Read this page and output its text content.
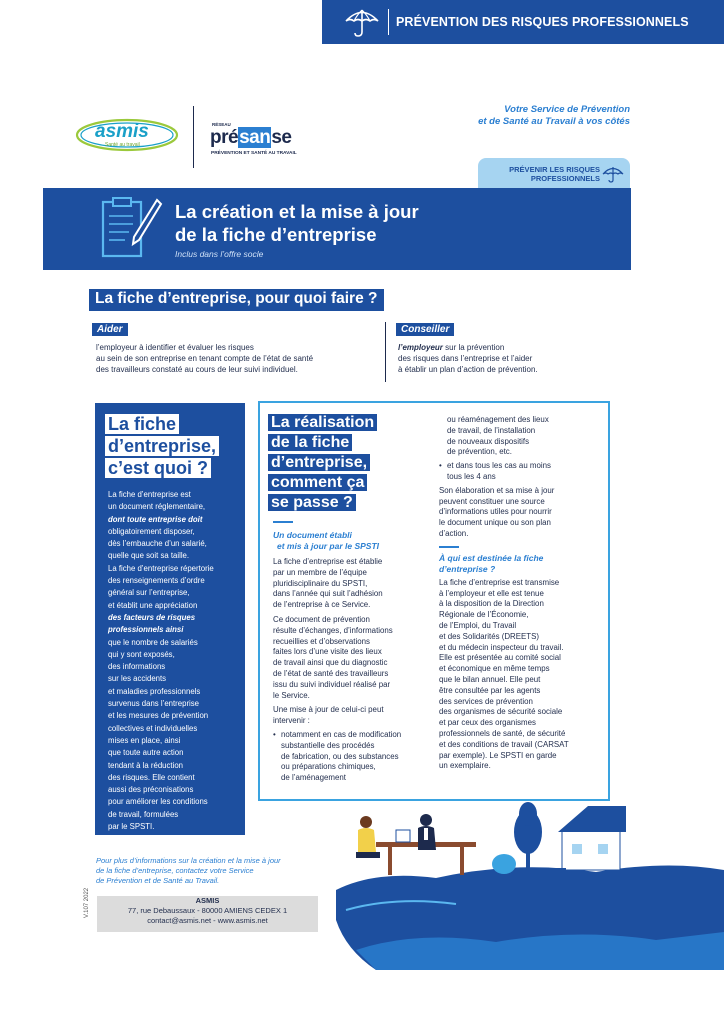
PRÉVENTION DES RISQUES PROFESSIONNELS
asmis
Santé au travail
RÉSEAU
présanse
PRÉVENTION ET SANTÉ AU TRAVAIL
Votre Service de Prévention
et de Santé au Travail à vos côtés
PRÉVENIR LES RISQUES
PROFESSIONNELS
La création et la mise à jour
de la fiche d’entreprise
Inclus dans l’offre socle
La fiche d’entreprise, pour quoi faire ?
Aider
l’employeur à identifier et évaluer les risques
au sein de son entreprise en tenant compte de l’état de santé
des travailleurs constaté au cours de leur suivi individuel.
Conseiller
l’employeur sur la prévention
des risques dans l’entreprise et l’aider
à établir un plan d’action de prévention.
La fiche
d’entreprise,
c’est quoi ?
La fiche d’entreprise est
un document réglementaire,
dont toute entreprise doit
obligatoirement disposer,
dès l’embauche d’un salarié,
quelle que soit sa taille.
La fiche d’entreprise répertorie
des renseignements d’ordre
général sur l’entreprise,
et établit une appréciation
des facteurs de risques
professionnels ainsi
que le nombre de salariés
qui y sont exposés,
des informations
sur les accidents
et maladies professionnels
survenus dans l’entreprise
et les mesures de prévention
collectives et individuelles
mises en place, ainsi
que toute autre action
tendant à la réduction
des risques. Elle contient
aussi des préconisations
pour améliorer les conditions
de travail, formulées
par le SPSTI.
La réalisation
de la fiche
d’entreprise,
comment ça
se passe ?
Un document établi
et mis à jour par le SPSTI
La fiche d’entreprise est établie
par un membre de l’équipe
pluridisciplinaire du SPSTI,
dans l’année qui suit l’adhésion
de l’entreprise à ce Service.
Ce document de prévention
résulte d’échanges, d’informations
recueillies et d’observations
faites lors d’une visite des lieux
de travail ainsi que du diagnostic
de l’état de santé des travailleurs
issu du suivi individuel réalisé par
le Service.
Une mise à jour de celui-ci peut
intervenir :
• notamment en cas de modification
substantielle des procédés
de fabrication, ou des substances
ou préparations chimiques,
de l’aménagement
ou réaménagement des lieux
de travail, de l’installation
de nouveaux dispositifs
de prévention, etc.
• et dans tous les cas au moins
tous les 4 ans
Son élaboration et sa mise à jour
peuvent constituer une source
d’informations utiles pour nourrir
le document unique ou son plan
d’action.
À qui est destinée la fiche
d’entreprise ?
La fiche d’entreprise est transmise
à l’employeur et elle est tenue
à la disposition de la Direction
Régionale de l’Économie,
de l’Emploi, du Travail
et des Solidarités (DREETS)
et du médecin inspecteur du travail.
Elle est présentée au comité social
et économique en même temps
que le bilan annuel. Elle peut
être consultée par les agents
des services de prévention
des organismes de sécurité sociale
et par ceux des organismes
professionnels de santé, de sécurité
et des conditions de travail (CARSAT
par exemple). Le SPSTI en garde
un exemplaire.
Pour plus d’informations sur la création et la mise à jour
de la fiche d’entreprise, contactez votre Service
de Prévention et de Santé au Travail.
ASMIS
77, rue Debaussaux - 80000 AMIENS CEDEX 1
contact@asmis.net - www.asmis.net
V.107 2022
